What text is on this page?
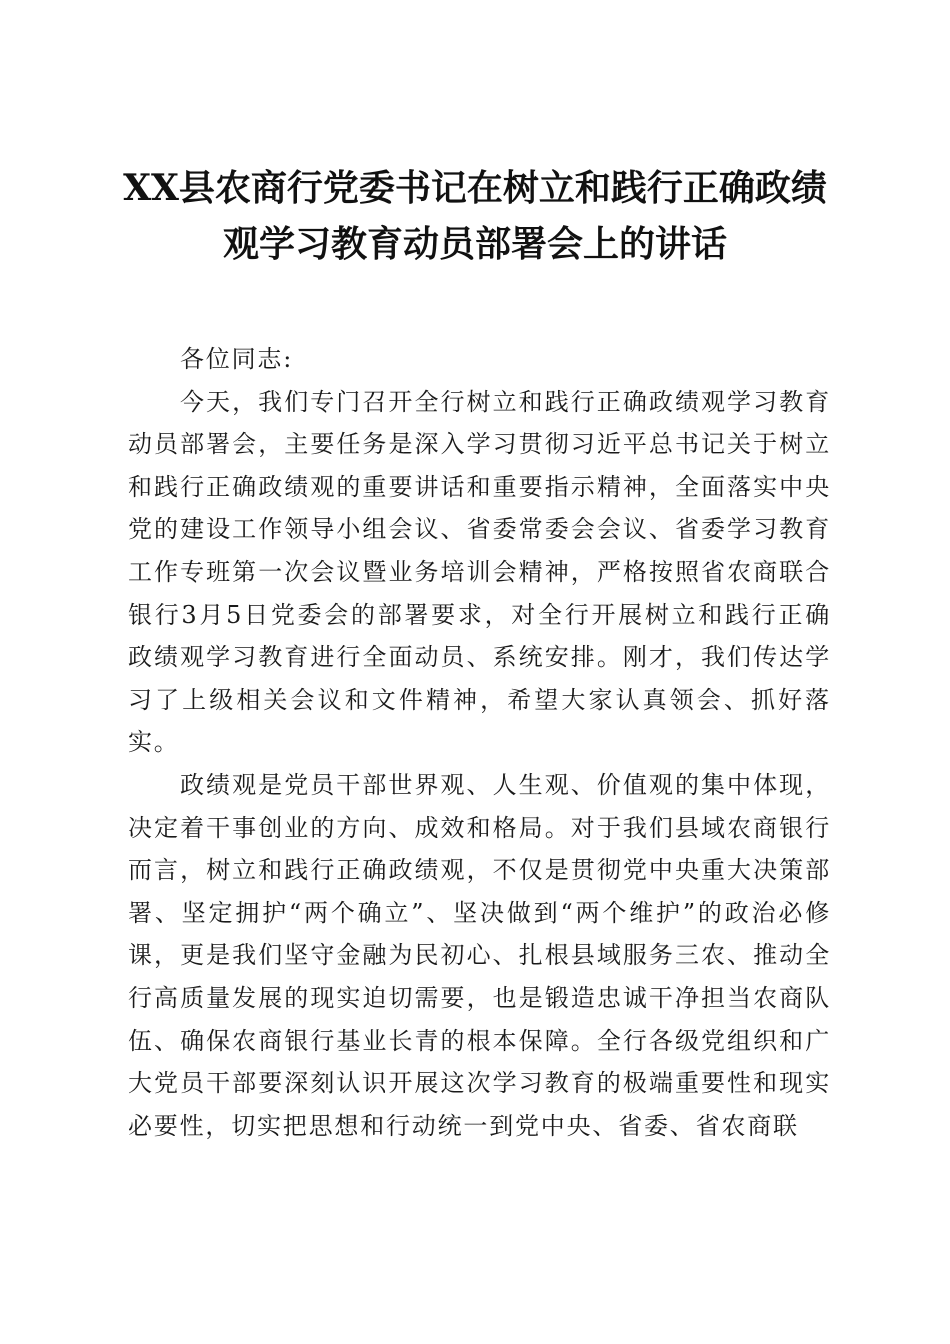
XX县农商行党委书记在树立和践行正确政绩
观学习教育动员部署会上的讲话

各位同志:

今天，我们专门召开全行树立和践行正确政绩观学习教育动员部署会，主要任务是深入学习贯彻习近平总书记关于树立和践行正确政绩观的重要讲话和重要指示精神，全面落实中央党的建设工作领导小组会议、省委常委会会议、省委学习教育工作专班第一次会议暨业务培训会精神，严格按照省农商联合银行3月5日党委会的部署要求，对全行开展树立和践行正确政绩观学习教育进行全面动员、系统安排。刚才，我们传达学习了上级相关会议和文件精神，希望大家认真领会、抓好落实。

政绩观是党员干部世界观、人生观、价值观的集中体现，决定着干事创业的方向、成效和格局。对于我们县域农商银行而言，树立和践行正确政绩观，不仅是贯彻党中央重大决策部署、坚定拥护“两个确立”、坚决做到“两个维护”的政治必修课，更是我们坚守金融为民初心、扎根县域服务三农、推动全行高质量发展的现实迫切需要，也是锻造忠诚干净担当农商队伍、确保农商银行基业长青的根本保障。全行各级党组织和广大党员干部要深刻认识开展这次学习教育的极端重要性和现实必要性，切实把思想和行动统一到党中央、省委、省农商联
